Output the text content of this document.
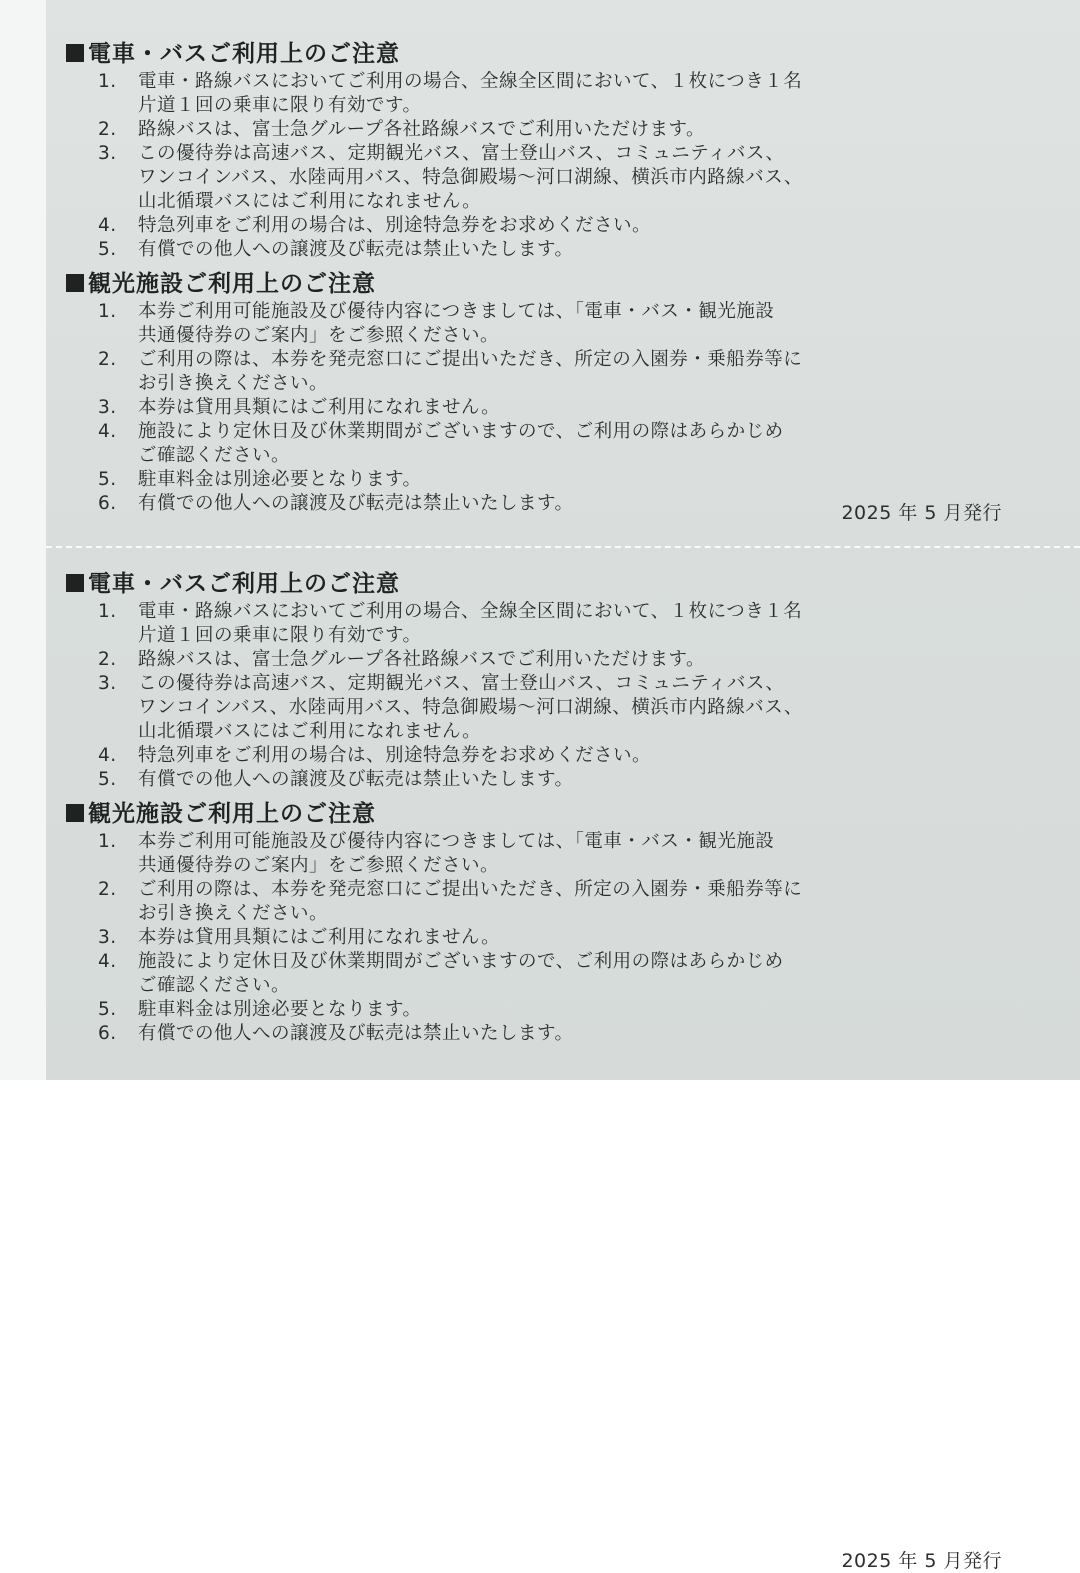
電車・バスご利用上のご注意
1. 電車・路線バスにおいてご利用の場合、全線全区間において、１枚につき１名
片道１回の乗車に限り有効です。
2. 路線バスは、富士急グループ各社路線バスでご利用いただけます。
3. この優待券は高速バス、定期観光バス、富士登山バス、コミュニティバス、
ワンコインバス、水陸両用バス、特急御殿場～河口湖線、横浜市内路線バス、
山北循環バスにはご利用になれません。
4. 特急列車をご利用の場合は、別途特急券をお求めください。
5. 有償での他人への譲渡及び転売は禁止いたします。
観光施設ご利用上のご注意
1. 本券ご利用可能施設及び優待内容につきましては、「電車・バス・観光施設
共通優待券のご案内」をご参照ください。
2. ご利用の際は、本券を発売窓口にご提出いただき、所定の入園券・乗船券等に
お引き換えください。
3. 本券は貸用具類にはご利用になれません。
4. 施設により定休日及び休業期間がございますので、ご利用の際はあらかじめ
ご確認ください。
5. 駐車料金は別途必要となります。
6. 有償での他人への譲渡及び転売は禁止いたします。	2025 年 5 月発行
電車・バスご利用上のご注意
1. 電車・路線バスにおいてご利用の場合、全線全区間において、１枚につき１名
片道１回の乗車に限り有効です。
2. 路線バスは、富士急グループ各社路線バスでご利用いただけます。
3. この優待券は高速バス、定期観光バス、富士登山バス、コミュニティバス、
ワンコインバス、水陸両用バス、特急御殿場～河口湖線、横浜市内路線バス、
山北循環バスにはご利用になれません。
4. 特急列車をご利用の場合は、別途特急券をお求めください。
5. 有償での他人への譲渡及び転売は禁止いたします。
観光施設ご利用上のご注意
1. 本券ご利用可能施設及び優待内容につきましては、「電車・バス・観光施設
共通優待券のご案内」をご参照ください。
2. ご利用の際は、本券を発売窓口にご提出いただき、所定の入園券・乗船券等に
お引き換えください。
3. 本券は貸用具類にはご利用になれません。
4. 施設により定休日及び休業期間がございますので、ご利用の際はあらかじめ
ご確認ください。
5. 駐車料金は別途必要となります。
6. 有償での他人への譲渡及び転売は禁止いたします。
2025 年 5 月発行
